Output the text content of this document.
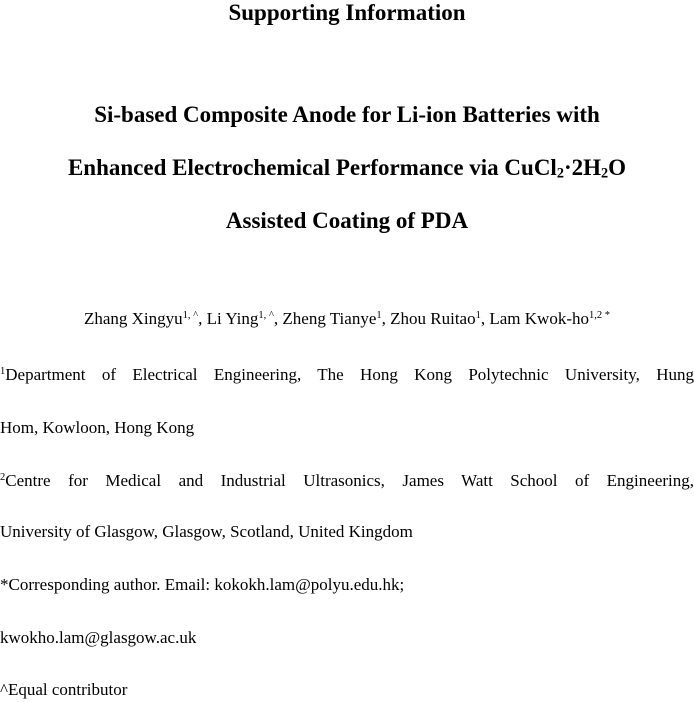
Supporting Information
Si-based Composite Anode for Li-ion Batteries with
Enhanced Electrochemical Performance via CuCl2·2H2O
Assisted Coating of PDA
Zhang Xingyu$^{1, \^{}}$, Li Ying$^{1, \^{}}$, Zheng Tianye$^1$, Zhou Ruitao$^1$, Lam Kwok-$ho^{1,2 *}$
$^1$Department of Electrical Engineering, The Hong Kong Polytechnic University, Hung
Hom, Kowloon, Hong Kong
$^2$Centre for Medical and Industrial Ultrasonics, James Watt School of Engineering,
University of Glasgow, Glasgow, Scotland, United Kingdom
*Corresponding author. Email: kokokh.lam@polyu.edu.hk;
kwokho.lam@glasgow.ac.uk
^Equal contributor
